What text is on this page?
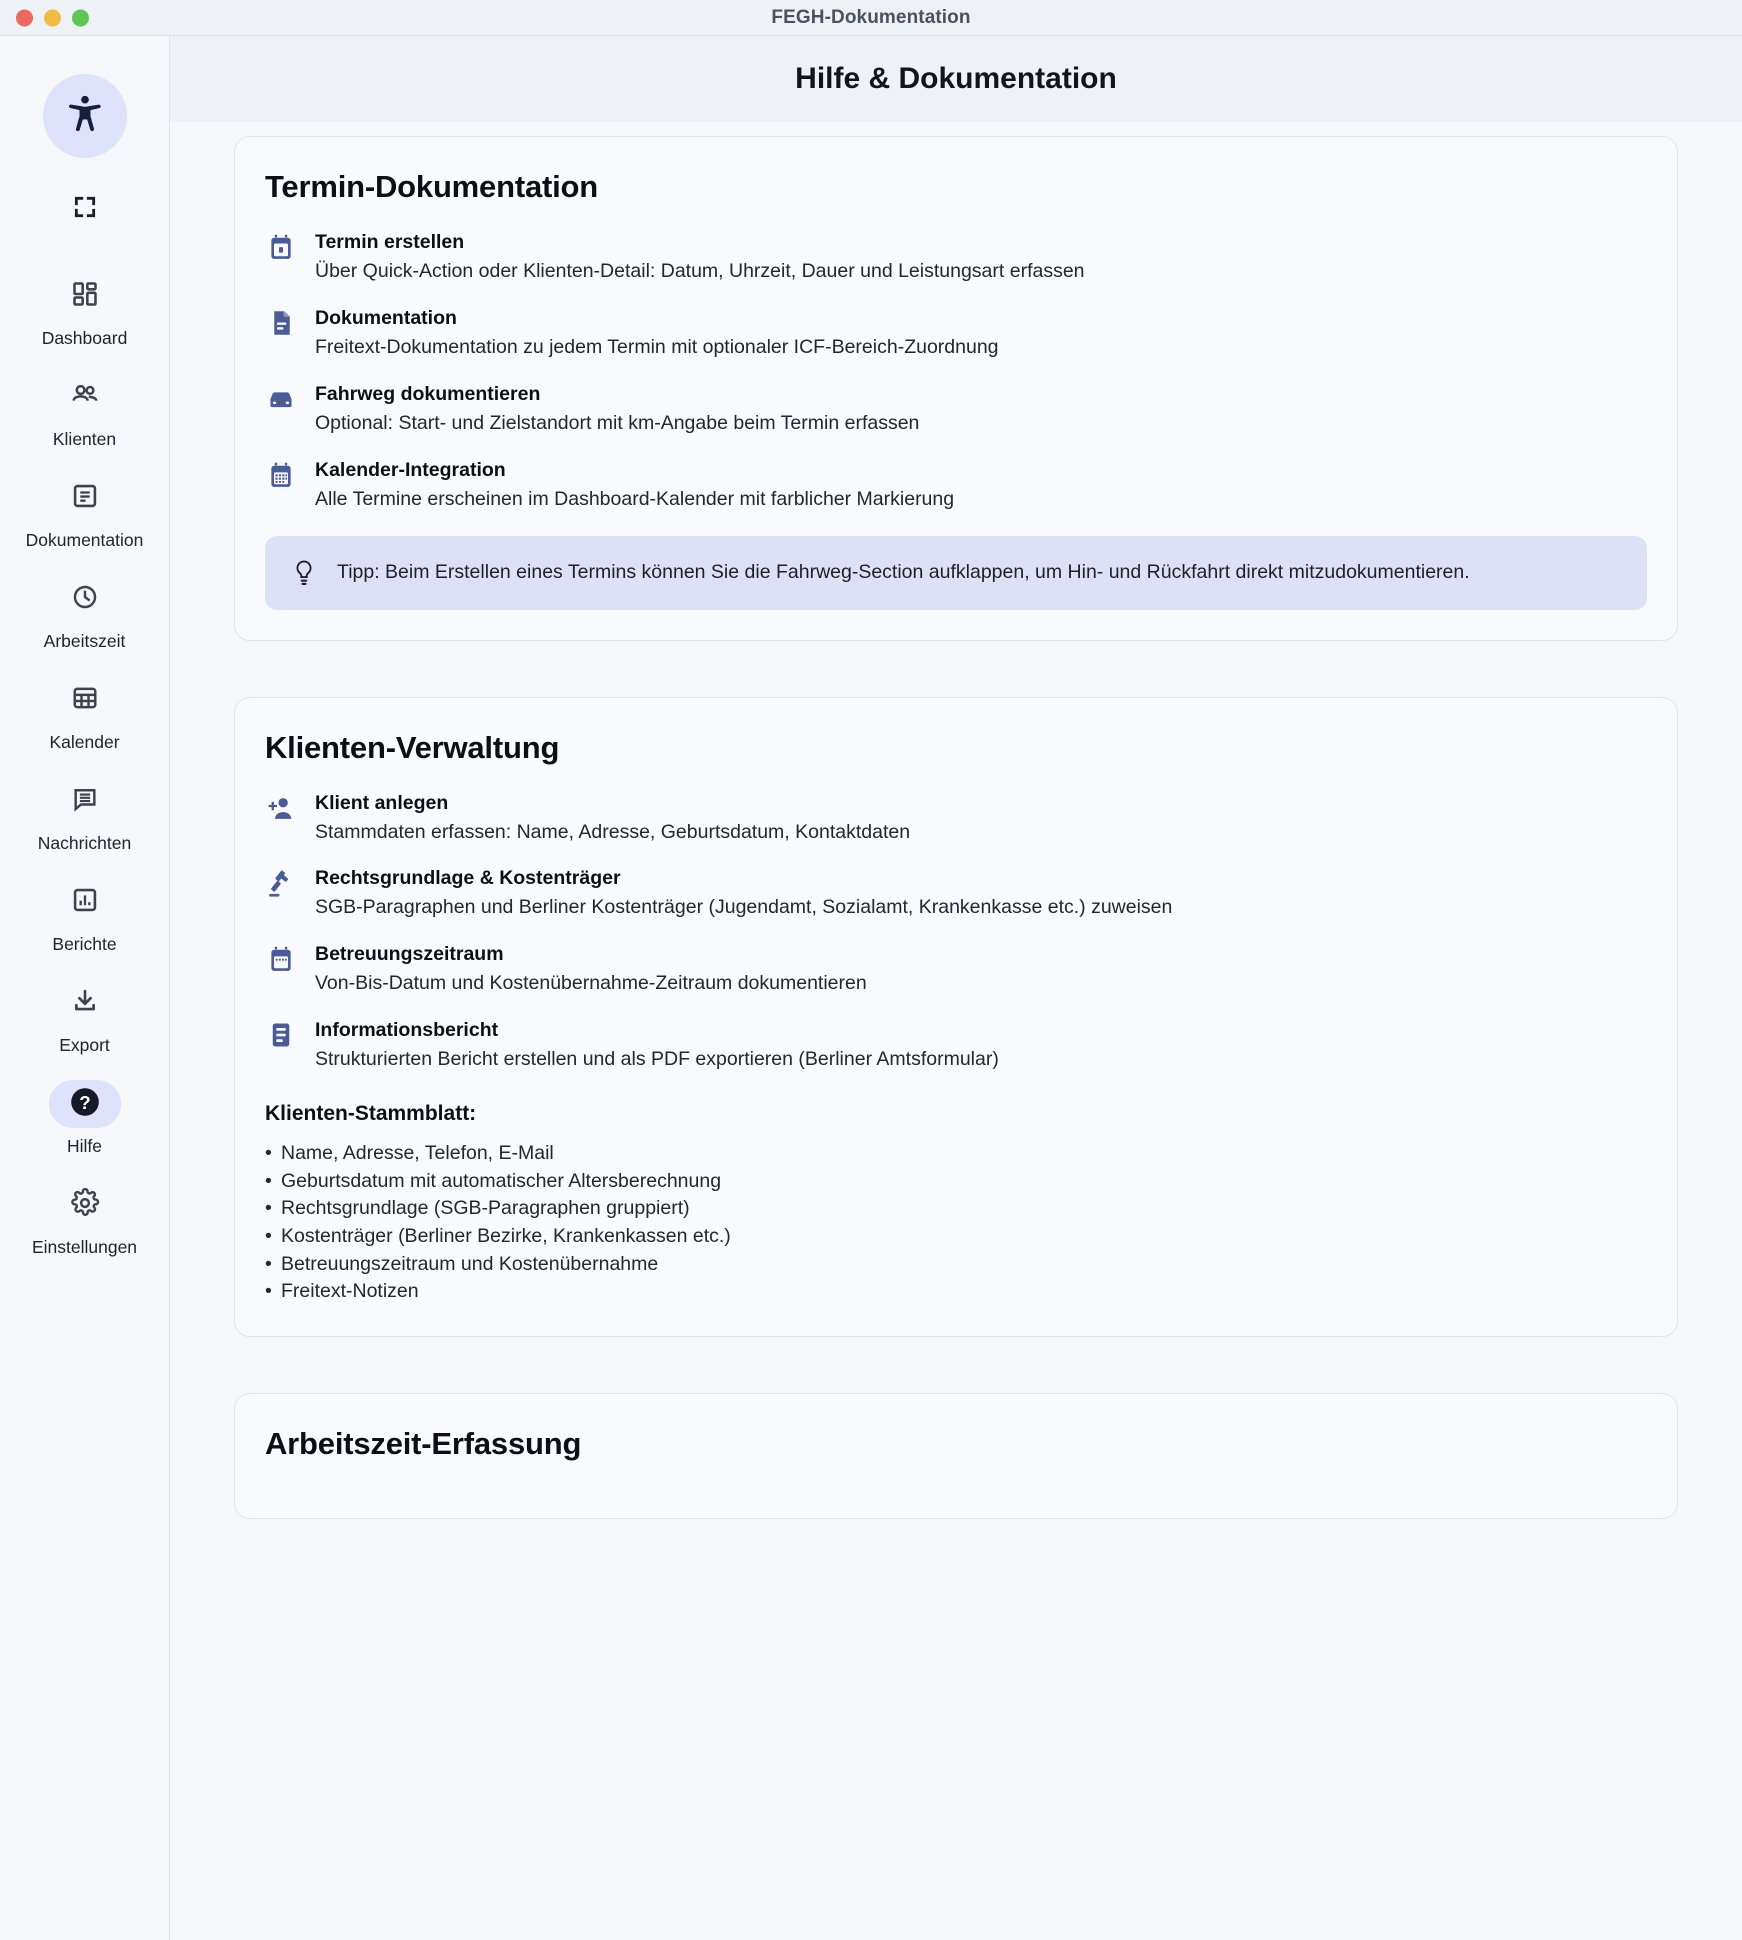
FEGH-Dokumentation
Dashboard
Klienten
Dokumentation
Arbeitszeit
Kalender
Nachrichten
Berichte
Export
?
Hilfe
Einstellungen
Hilfe & Dokumentation
Termin-Dokumentation
Termin erstellen
Über Quick-Action oder Klienten-Detail: Datum, Uhrzeit, Dauer und Leistungsart erfassen
Dokumentation
Freitext-Dokumentation zu jedem Termin mit optionaler ICF-Bereich-Zuordnung
Fahrweg dokumentieren
Optional: Start- und Zielstandort mit km-Angabe beim Termin erfassen
Kalender-Integration
Alle Termine erscheinen im Dashboard-Kalender mit farblicher Markierung
Tipp: Beim Erstellen eines Termins können Sie die Fahrweg-Section aufklappen, um Hin- und Rückfahrt direkt mitzudokumentieren.
Klienten-Verwaltung
Klient anlegen
Stammdaten erfassen: Name, Adresse, Geburtsdatum, Kontaktdaten
Rechtsgrundlage & Kostenträger
SGB-Paragraphen und Berliner Kostenträger (Jugendamt, Sozialamt, Krankenkasse etc.) zuweisen
Betreuungszeitraum
Von-Bis-Datum und Kostenübernahme-Zeitraum dokumentieren
Informationsbericht
Strukturierten Bericht erstellen und als PDF exportieren (Berliner Amtsformular)
Klienten-Stammblatt:
• Name, Adresse, Telefon, E-Mail
• Geburtsdatum mit automatischer Altersberechnung
• Rechtsgrundlage (SGB-Paragraphen gruppiert)
• Kostenträger (Berliner Bezirke, Krankenkassen etc.)
• Betreuungszeitraum und Kostenübernahme
• Freitext-Notizen
Arbeitszeit-Erfassung
